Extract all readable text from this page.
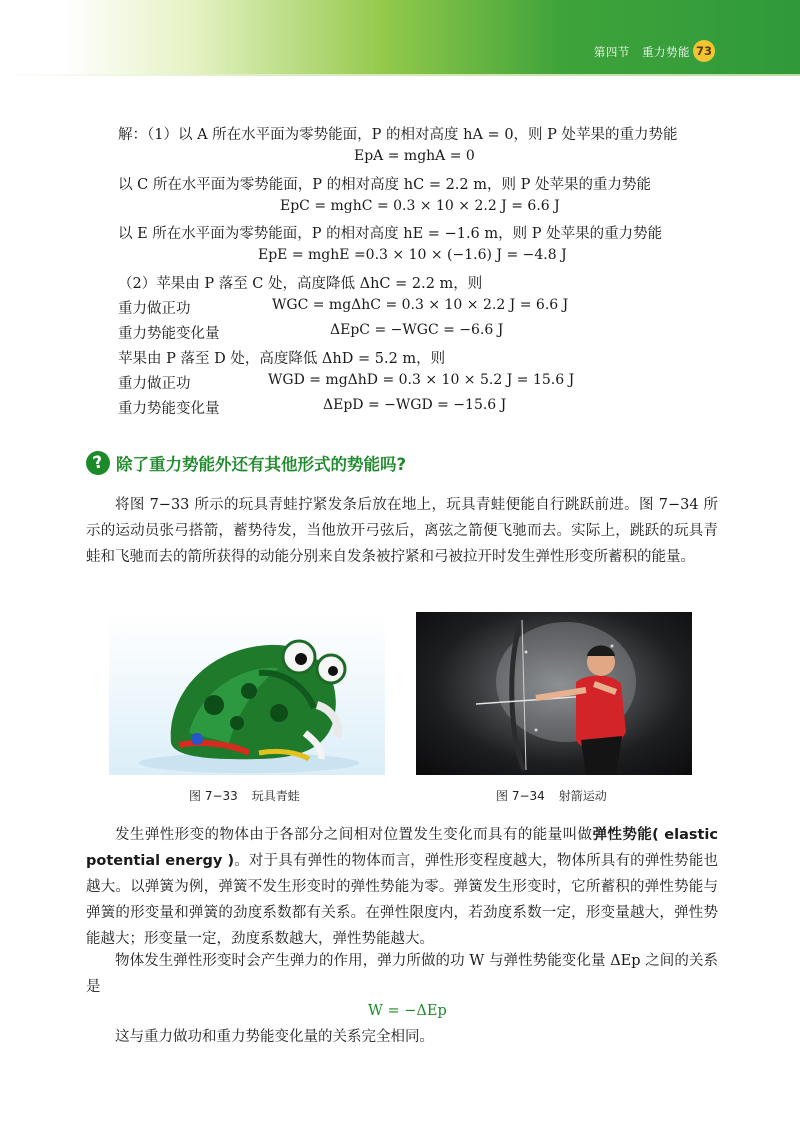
第四节 重力势能 73
解：（1）以 A 所在水平面为零势能面，P 的相对高度 hA = 0，则 P 处苹果的重力势能
EpA = mghA = 0
以 C 所在水平面为零势能面，P 的相对高度 hC = 2.2 m，则 P 处苹果的重力势能
EpC = mghC = 0.3 × 10 × 2.2 J = 6.6 J
以 E 所在水平面为零势能面，P 的相对高度 hE = −1.6 m，则 P 处苹果的重力势能
EpE = mghE =0.3 × 10 × (−1.6) J = −4.8 J
（2）苹果由 P 落至 C 处，高度降低 ΔhC = 2.2 m，则
重力做正功	WGC = mgΔhC = 0.3 × 10 × 2.2 J = 6.6 J
重力势能变化量	ΔEpC = −WGC = −6.6 J
苹果由 P 落至 D 处，高度降低 ΔhD = 5.2 m，则
重力做正功	WGD = mgΔhD = 0.3 × 10 × 5.2 J = 15.6 J
重力势能变化量	ΔEpD = −WGD = −15.6 J
? 除了重力势能外还有其他形式的势能吗?
将图 7−33 所示的玩具青蛙拧紧发条后放在地上，玩具青蛙便能自行跳跃前进。图 7−34 所示的运动员张弓搭箭，蓄势待发，当他放开弓弦后，离弦之箭便飞驰而去。实际上，跳跃的玩具青蛙和飞驰而去的箭所获得的动能分别来自发条被拧紧和弓被拉开时发生弹性形变所蓄积的能量。
图 7−33 玩具青蛙	图 7−34 射箭运动
发生弹性形变的物体由于各部分之间相对位置发生变化而具有的能量叫做弹性势能( elastic potential energy )。对于具有弹性的物体而言，弹性形变程度越大，物体所具有的弹性势能也越大。以弹簧为例，弹簧不发生形变时的弹性势能为零。弹簧发生形变时，它所蓄积的弹性势能与弹簧的形变量和弹簧的劲度系数都有关系。在弹性限度内，若劲度系数一定，形变量越大，弹性势能越大；形变量一定，劲度系数越大，弹性势能越大。
物体发生弹性形变时会产生弹力的作用，弹力所做的功 W 与弹性势能变化量 ΔEp 之间的关系是
W = −ΔEp
这与重力做功和重力势能变化量的关系完全相同。
